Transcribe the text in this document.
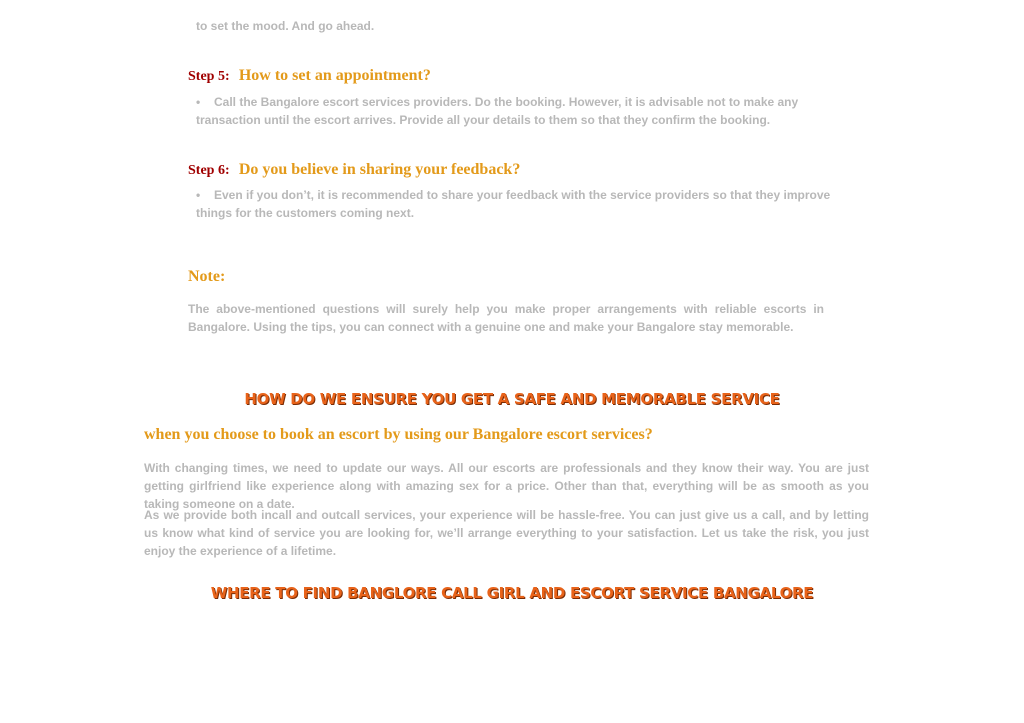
to set the mood. And go ahead.

Step 5: How to set an appointment?

• Call the Bangalore escort services providers. Do the booking. However, it is advisable not to make any transaction until the escort arrives. Provide all your details to them so that they confirm the booking.

Step 6: Do you believe in sharing your feedback?

• Even if you don’t, it is recommended to share your feedback with the service providers so that they improve things for the customers coming next.

Note:

The above-mentioned questions will surely help you make proper arrangements with reliable escorts in Bangalore. Using the tips, you can connect with a genuine one and make your Bangalore stay memorable.

HOW DO WE ENSURE YOU GET A SAFE AND MEMORABLE SERVICE
when you choose to book an escort by using our Bangalore escort services?

With changing times, we need to update our ways. All our escorts are professionals and they know their way. You are just getting girlfriend like experience along with amazing sex for a price. Other than that, everything will be as smooth as you taking someone on a date.

As we provide both incall and outcall services, your experience will be hassle-free. You can just give us a call, and by letting us know what kind of service you are looking for, we’ll arrange everything to your satisfaction. Let us take the risk, you just enjoy the experience of a lifetime.

WHERE TO FIND BANGLORE CALL GIRL AND ESCORT SERVICE BANGALORE
